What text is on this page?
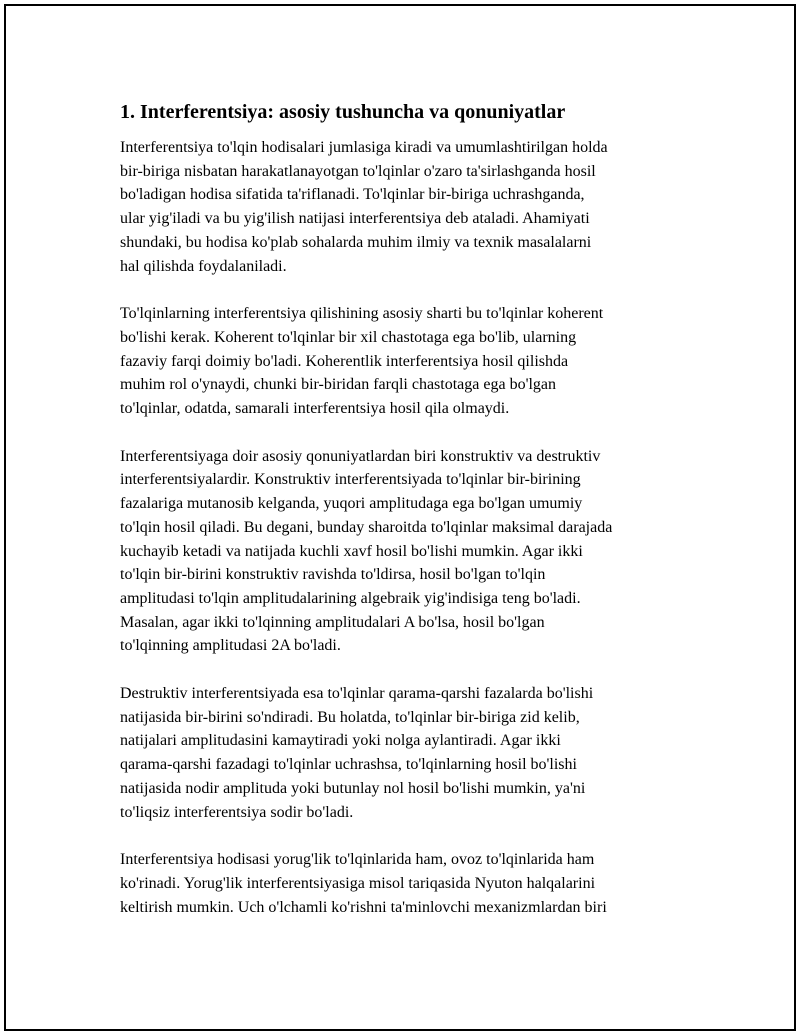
1. Interferentsiya: asosiy tushuncha va qonuniyatlar

Interferentsiya to'lqin hodisalari jumlasiga kiradi va umumlashtirilgan holda
bir-biriga nisbatan harakatlanayotgan to'lqinlar o'zaro ta'sirlashganda hosil
bo'ladigan hodisa sifatida ta'riflanadi. To'lqinlar bir-biriga uchrashganda,
ular yig'iladi va bu yig'ilish natijasi interferentsiya deb ataladi. Ahamiyati
shundaki, bu hodisa ko'plab sohalarda muhim ilmiy va texnik masalalarni
hal qilishda foydalaniladi.

To'lqinlarning interferentsiya qilishining asosiy sharti bu to'lqinlar koherent
bo'lishi kerak. Koherent to'lqinlar bir xil chastotaga ega bo'lib, ularning
fazaviy farqi doimiy bo'ladi. Koherentlik interferentsiya hosil qilishda
muhim rol o'ynaydi, chunki bir-biridan farqli chastotaga ega bo'lgan
to'lqinlar, odatda, samarali interferentsiya hosil qila olmaydi.

Interferentsiyaga doir asosiy qonuniyatlardan biri konstruktiv va destruktiv
interferentsiyalardir. Konstruktiv interferentsiyada to'lqinlar bir-birining
fazalariga mutanosib kelganda, yuqori amplitudaga ega bo'lgan umumiy
to'lqin hosil qiladi. Bu degani, bunday sharoitda to'lqinlar maksimal darajada
kuchayib ketadi va natijada kuchli xavf hosil bo'lishi mumkin. Agar ikki
to'lqin bir-birini konstruktiv ravishda to'ldirsa, hosil bo'lgan to'lqin
amplitudasi to'lqin amplitudalarining algebraik yig'indisiga teng bo'ladi.
Masalan, agar ikki to'lqinning amplitudalari A bo'lsa, hosil bo'lgan
to'lqinning amplitudasi 2A bo'ladi.

Destruktiv interferentsiyada esa to'lqinlar qarama-qarshi fazalarda bo'lishi
natijasida bir-birini so'ndiradi. Bu holatda, to'lqinlar bir-biriga zid kelib,
natijalari amplitudasini kamaytiradi yoki nolga aylantiradi. Agar ikki
qarama-qarshi fazadagi to'lqinlar uchrashsa, to'lqinlarning hosil bo'lishi
natijasida nodir amplituda yoki butunlay nol hosil bo'lishi mumkin, ya'ni
to'liqsiz interferentsiya sodir bo'ladi.

Interferentsiya hodisasi yorug'lik to'lqinlarida ham, ovoz to'lqinlarida ham
ko'rinadi. Yorug'lik interferentsiyasiga misol tariqasida Nyuton halqalarini
keltirish mumkin. Uch o'lchamli ko'rishni ta'minlovchi mexanizmlardan biri
